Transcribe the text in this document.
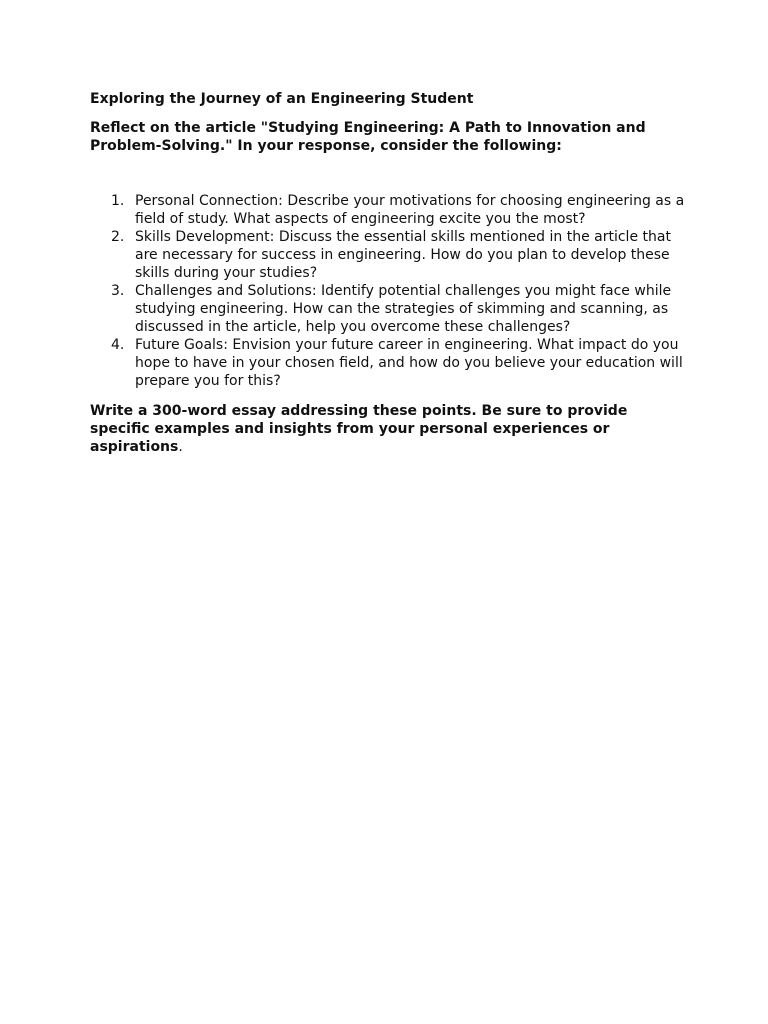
Exploring the Journey of an Engineering Student

Reflect on the article "Studying Engineering: A Path to Innovation and Problem-Solving." In your response, consider the following:

Personal Connection: Describe your motivations for choosing engineering as a field of study. What aspects of engineering excite you the most?
Skills Development: Discuss the essential skills mentioned in the article that are necessary for success in engineering. How do you plan to develop these skills during your studies?
Challenges and Solutions: Identify potential challenges you might face while studying engineering. How can the strategies of skimming and scanning, as discussed in the article, help you overcome these challenges?
Future Goals: Envision your future career in engineering. What impact do you hope to have in your chosen field, and how do you believe your education will prepare you for this?

Write a 300-word essay addressing these points. Be sure to provide specific examples and insights from your personal experiences or aspirations.
